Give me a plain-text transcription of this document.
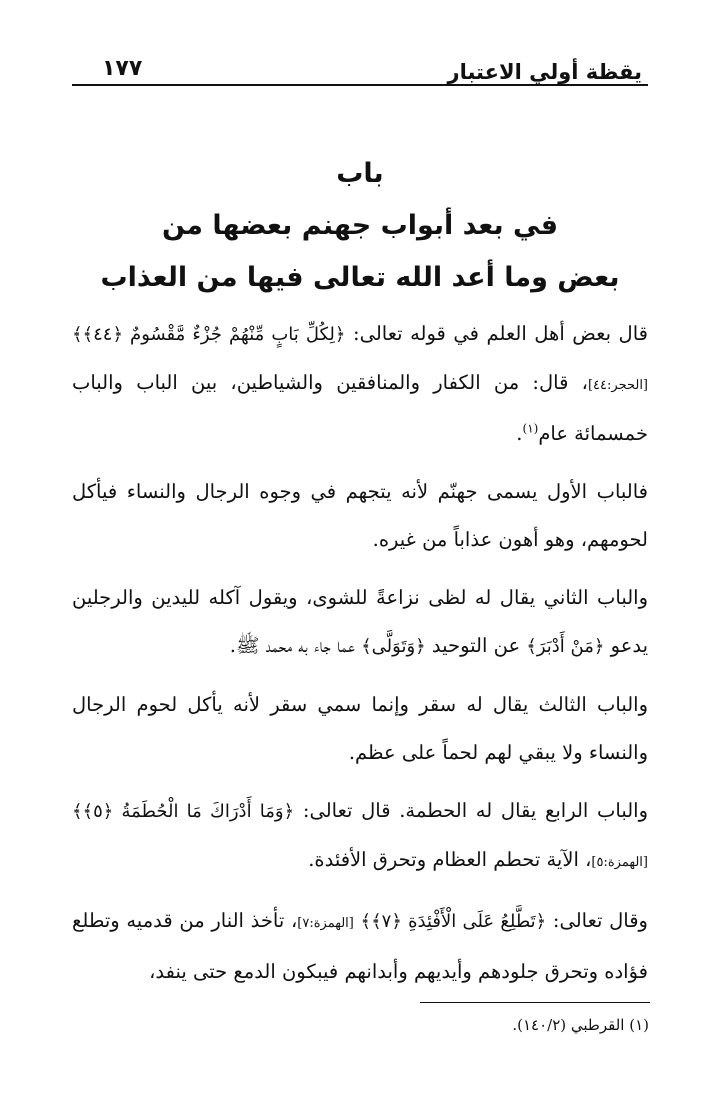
يقظة أولي الاعتبار
١٧٧
باب
في بعد أبواب جهنم بعضها من
بعض وما أعد الله تعالى فيها من العذاب

قال بعض أهل العلم في قوله تعالى: ﴿لِكُلِّ بَابٍ مِّنْهُمْ جُزْءٌ مَّقْسُومٌ ﴿٤٤﴾﴾ [الحجر:٤٤]، قال: من الكفار والمنافقين والشياطين، بين الباب والباب خمسمائة عام$^{(١)}$.

فالباب الأول يسمى جهنّم لأنه يتجهم في وجوه الرجال والنساء فيأكل لحومهم، وهو أهون عذاباً من غيره.

والباب الثاني يقال له لظى نزاعةً للشوى، ويقول آكله لليدين والرجلين يدعو ﴿مَنْ أَدْبَرَ﴾ عن التوحيد ﴿وَتَوَلَّى﴾ عما جاء به محمد ﷺ.

والباب الثالث يقال له سقر وإنما سمي سقر لأنه يأكل لحوم الرجال والنساء ولا يبقي لهم لحماً على عظم.

والباب الرابع يقال له الحطمة. قال تعالى: ﴿وَمَا أَدْرَاكَ مَا الْحُطَمَةُ ﴿٥﴾﴾ [الهمزة:٥]، الآية تحطم العظام وتحرق الأفئدة.

وقال تعالى: ﴿تَطَّلِعُ عَلَى الْأَفْئِدَةِ ﴿٧﴾﴾ [الهمزة:٧]، تأخذ النار من قدميه وتطلع فؤاده وتحرق جلودهم وأيديهم وأبدانهم فيبكون الدمع حتى ينفد،

(١) القرطبي (١٤٠/٢).
